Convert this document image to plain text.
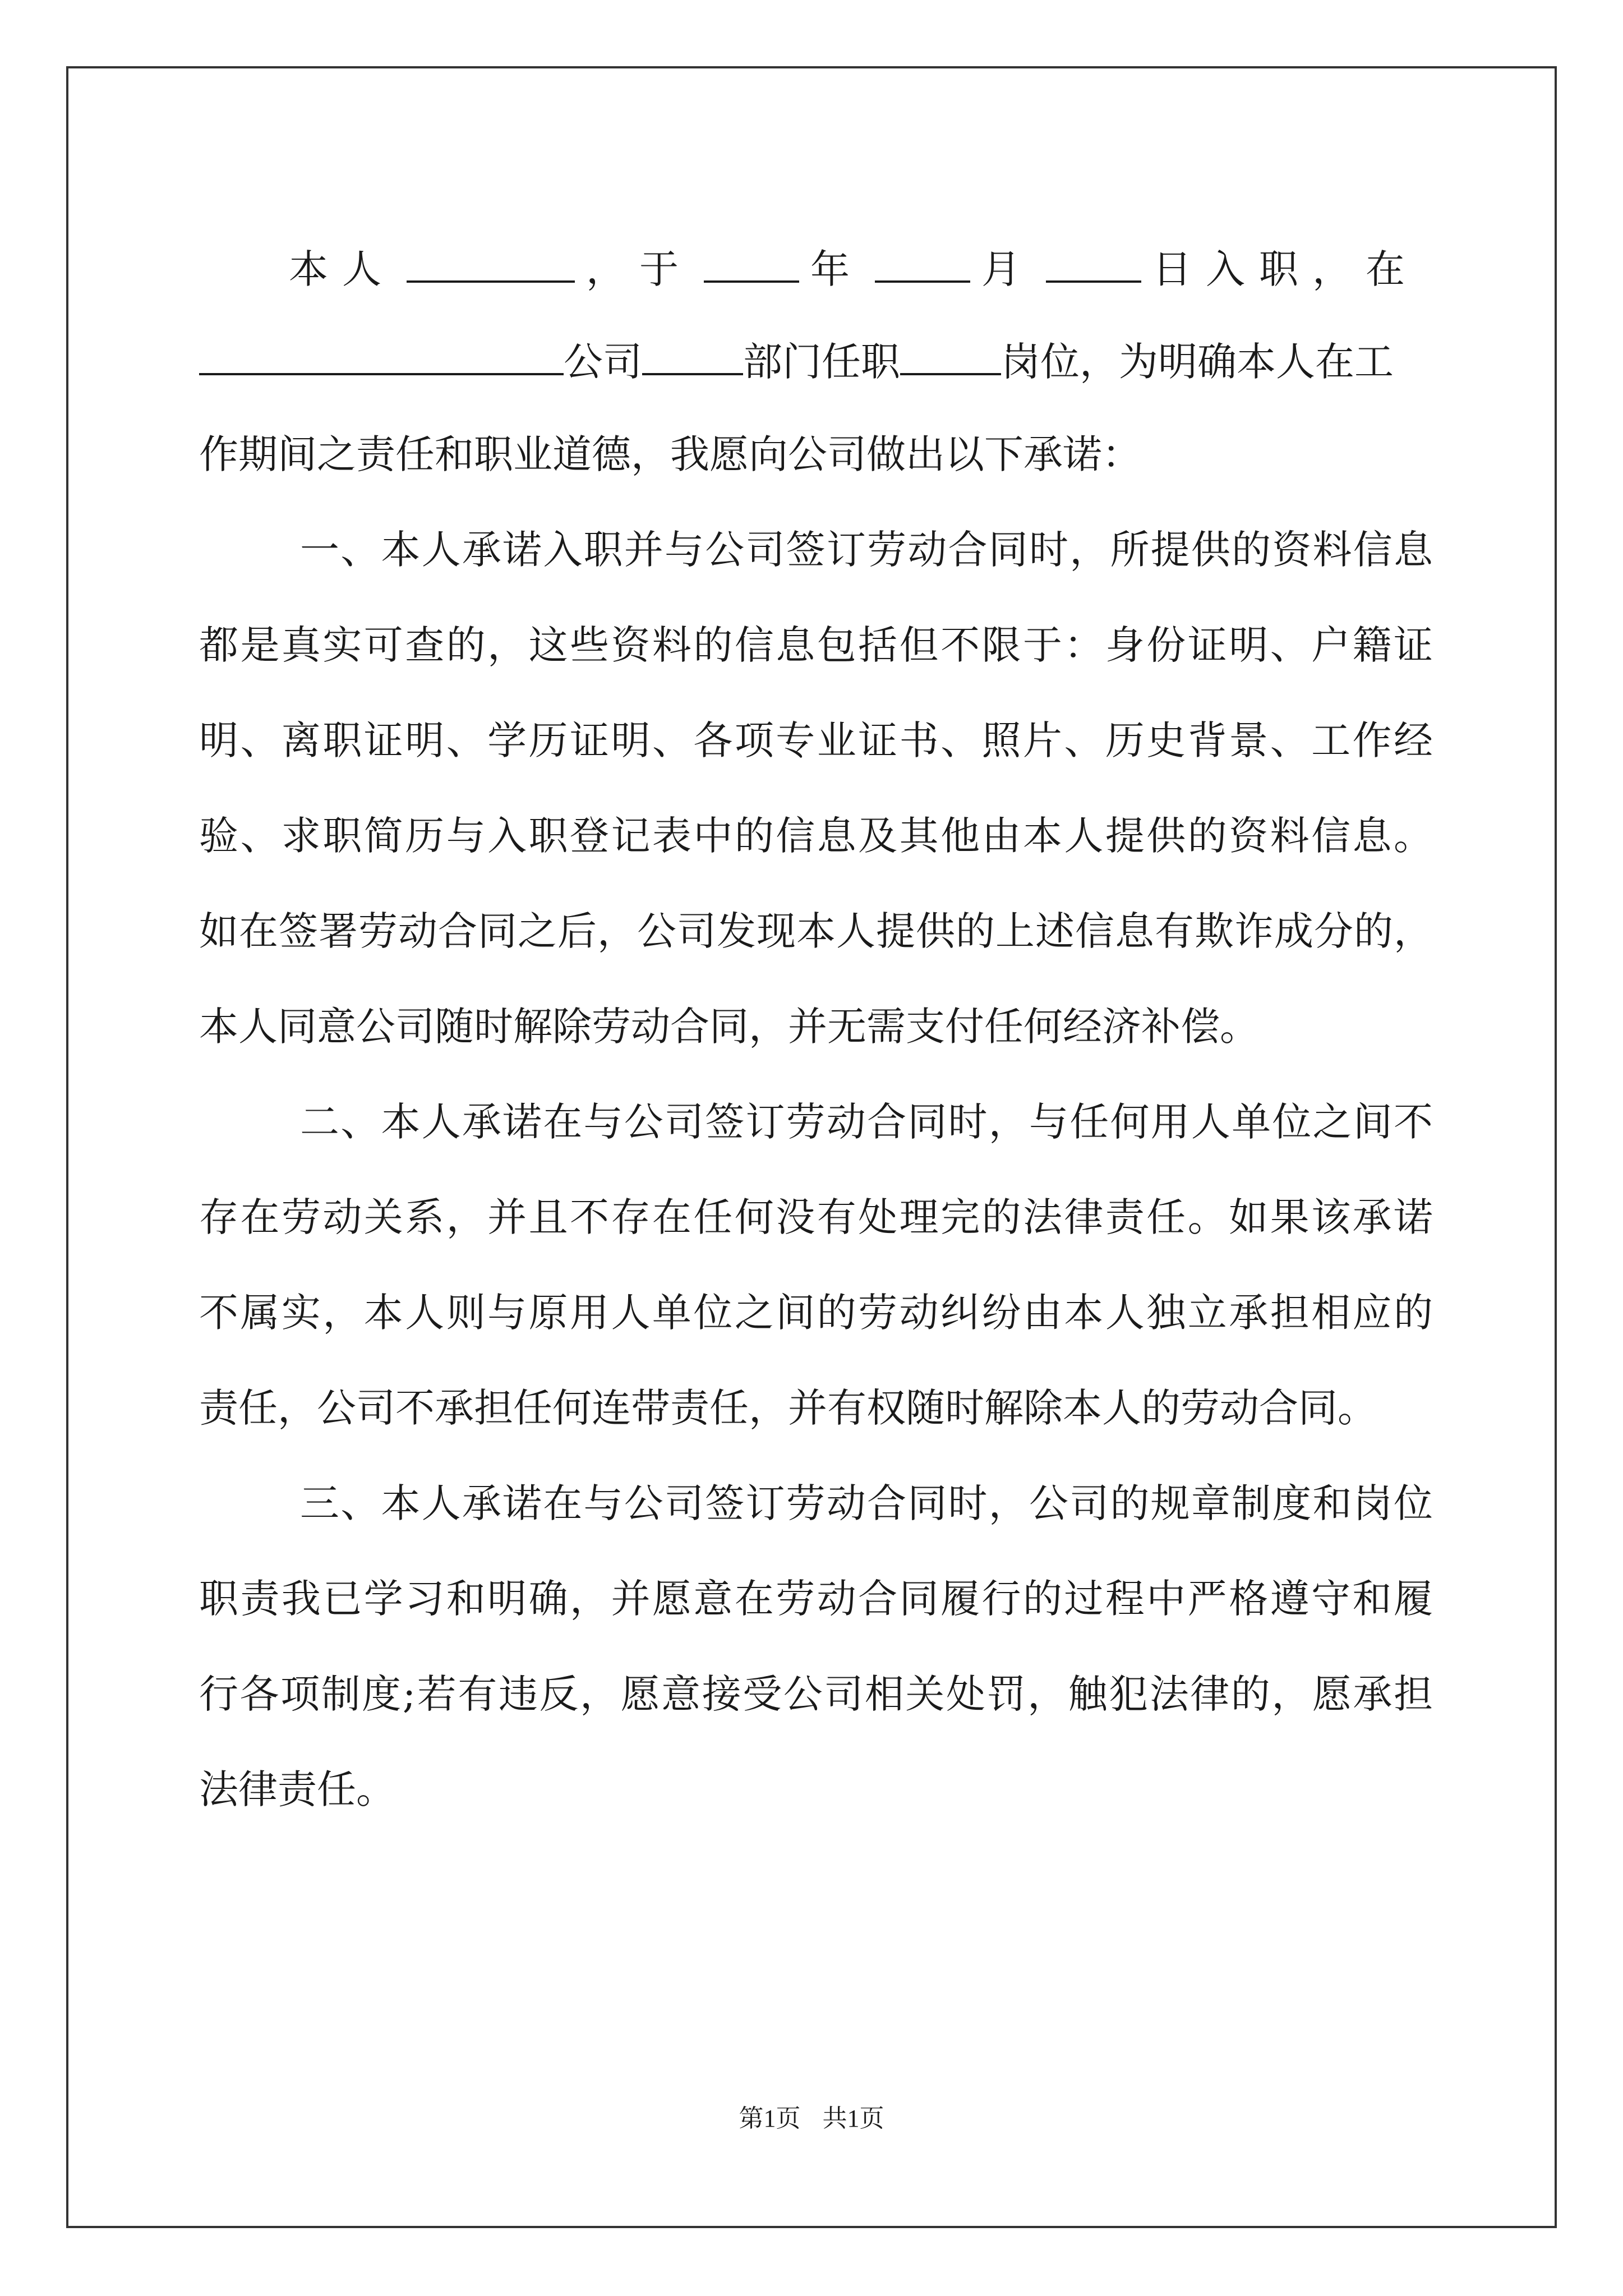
本人	，于	年	月	日入职，在
公司	部门任职	岗位，为明确本人在工
作期间之责任和职业道德，我愿向公司做出以下承诺：
一、本人承诺入职并与公司签订劳动合同时，所提供的资料信息
都是真实可查的，这些资料的信息包括但不限于：身份证明、户籍证
明、离职证明、学历证明、各项专业证书、照片、历史背景、工作经
验、求职简历与入职登记表中的信息及其他由本人提供的资料信息。
如在签署劳动合同之后，公司发现本人提供的上述信息有欺诈成分的，
本人同意公司随时解除劳动合同，并无需支付任何经济补偿。
二、本人承诺在与公司签订劳动合同时，与任何用人单位之间不
存在劳动关系，并且不存在任何没有处理完的法律责任。如果该承诺
不属实，本人则与原用人单位之间的劳动纠纷由本人独立承担相应的
责任，公司不承担任何连带责任，并有权随时解除本人的劳动合同。
三、本人承诺在与公司签订劳动合同时，公司的规章制度和岗位
职责我已学习和明确，并愿意在劳动合同履行的过程中严格遵守和履
行各项制度;若有违反，愿意接受公司相关处罚，触犯法律的，愿承担
法律责任。
第1页 共1页
